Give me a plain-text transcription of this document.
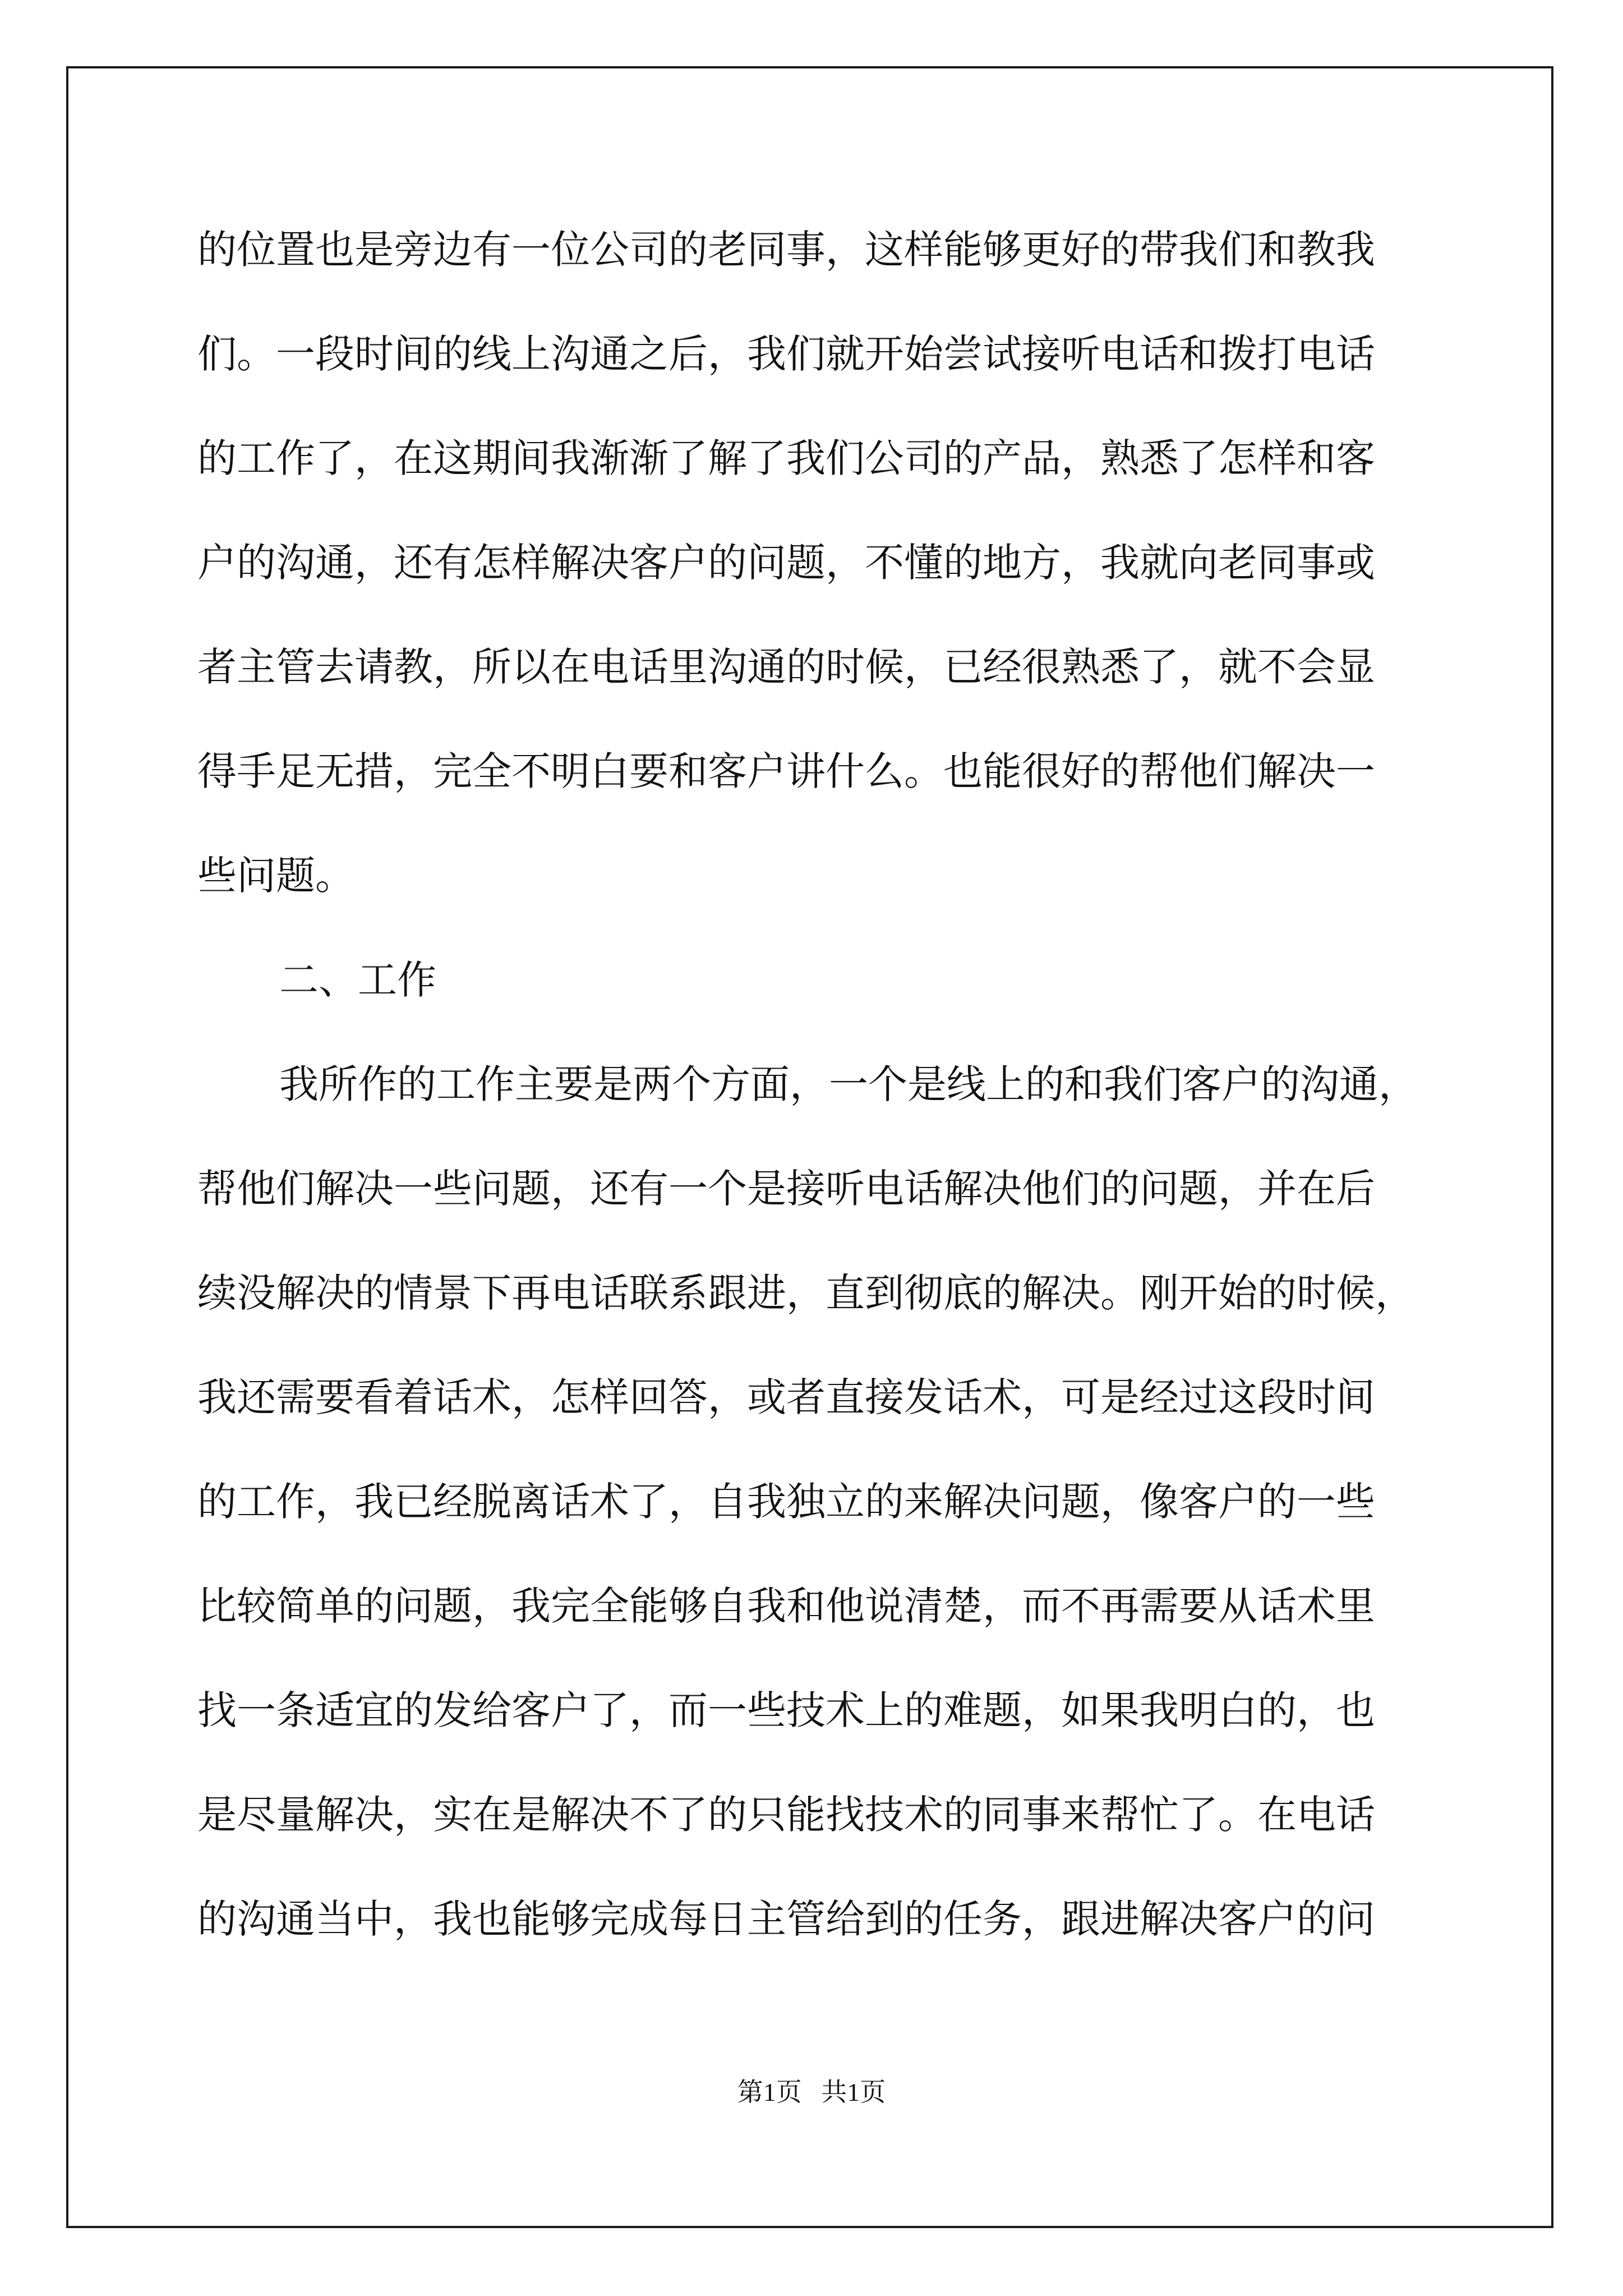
的位置也是旁边有一位公司的老同事，这样能够更好的带我们和教我
们。一段时间的线上沟通之后，我们就开始尝试接听电话和拨打电话
的工作了，在这期间我渐渐了解了我们公司的产品，熟悉了怎样和客
户的沟通，还有怎样解决客户的问题，不懂的地方，我就向老同事或
者主管去请教，所以在电话里沟通的时候，已经很熟悉了，就不会显
得手足无措，完全不明白要和客户讲什么。也能很好的帮他们解决一
些问题。
二、工作
我所作的工作主要是两个方面，一个是线上的和我们客户的沟通，
帮他们解决一些问题，还有一个是接听电话解决他们的问题，并在后
续没解决的情景下再电话联系跟进，直到彻底的解决。刚开始的时候，
我还需要看着话术，怎样回答，或者直接发话术，可是经过这段时间
的工作，我已经脱离话术了，自我独立的来解决问题，像客户的一些
比较简单的问题，我完全能够自我和他说清楚，而不再需要从话术里
找一条适宜的发给客户了，而一些技术上的难题，如果我明白的，也
是尽量解决，实在是解决不了的只能找技术的同事来帮忙了。在电话
的沟通当中，我也能够完成每日主管给到的任务，跟进解决客户的问
第1页   共1页
